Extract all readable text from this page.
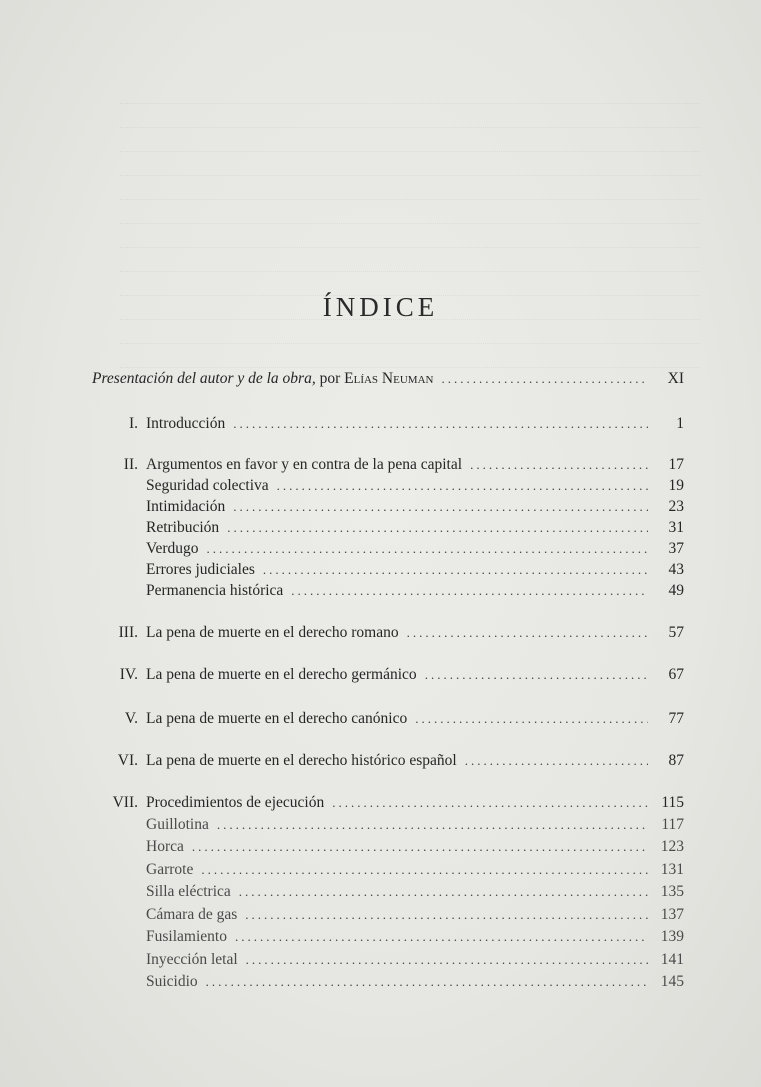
ÍNDICE
Presentación del autor y de la obra, por Elías Neuman .....	XI
I. Introducción .....	1
II. Argumentos en favor y en contra de la pena capital .....	17
Seguridad colectiva .....	19
Intimidación .....	23
Retribución .....	31
Verdugo .....	37
Errores judiciales .....	43
Permanencia histórica .....	49
III. La pena de muerte en el derecho romano .....	57
IV. La pena de muerte en el derecho germánico .....	67
V. La pena de muerte en el derecho canónico .....	77
VI. La pena de muerte en el derecho histórico español .....	87
VII. Procedimientos de ejecución .....	115
Guillotina .....	117
Horca .....	123
Garrote .....	131
Silla eléctrica .....	135
Cámara de gas .....	137
Fusilamiento .....	139
Inyección letal .....	141
Suicidio .....	145
